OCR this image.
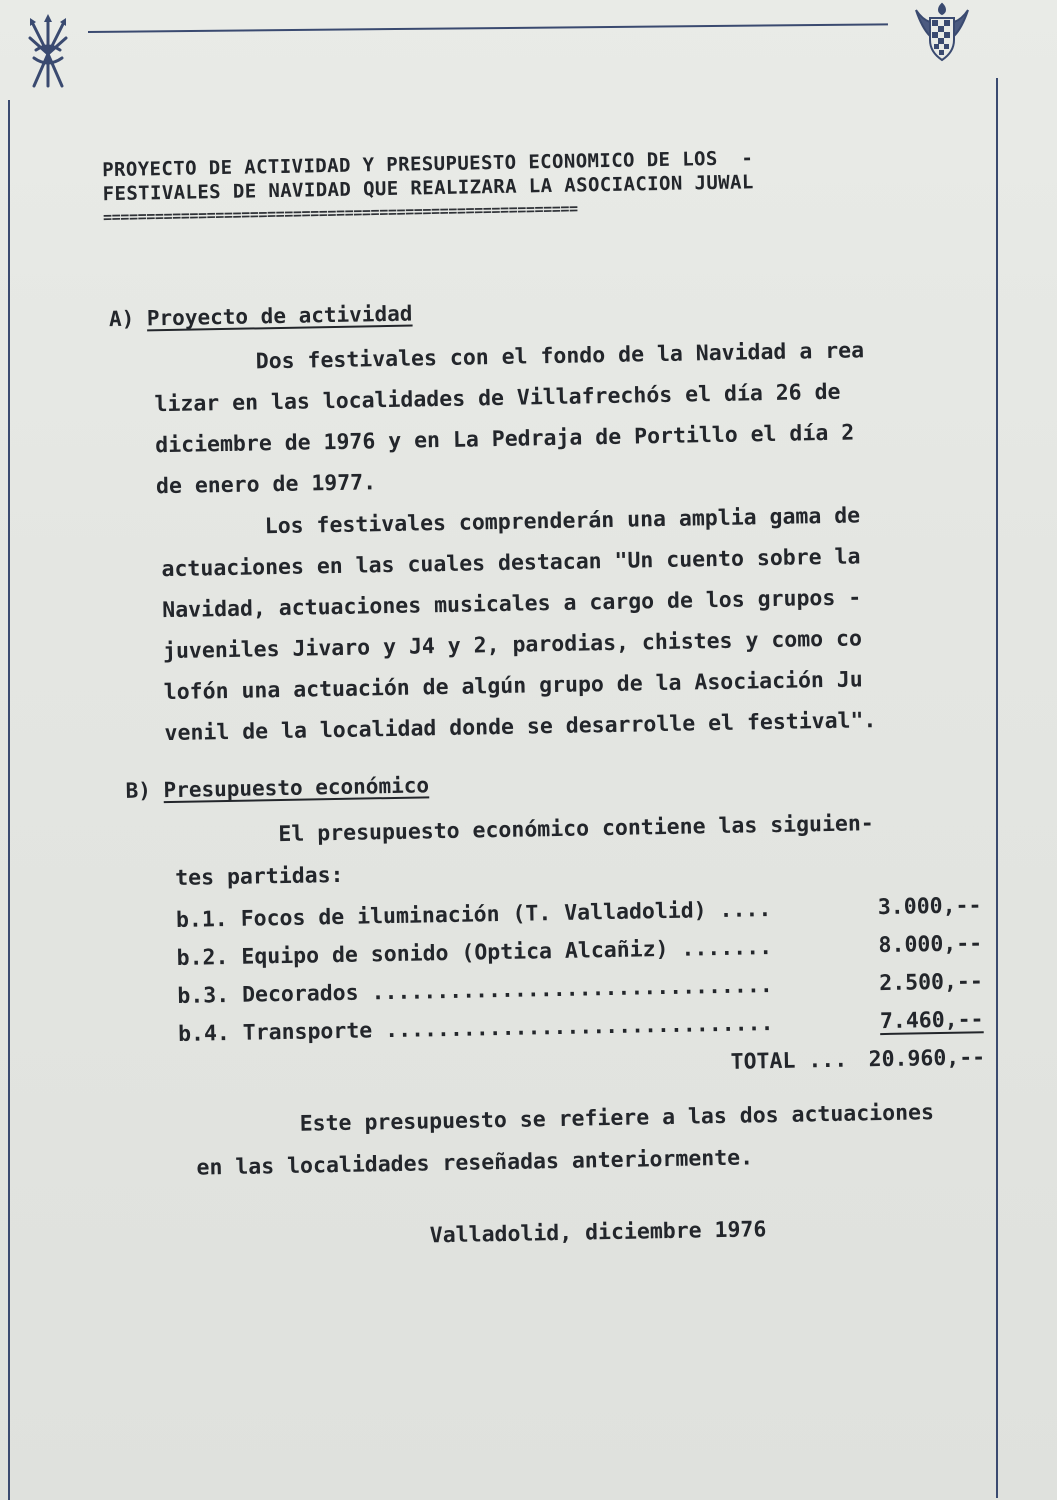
PROYECTO DE ACTIVIDAD Y PRESUPUESTO ECONOMICO DE LOS  -
FESTIVALES DE NAVIDAD QUE REALIZARA LA ASOCIACION JUWAL
=======================================================
A) Proyecto de actividad
Dos festivales con el fondo de la Navidad a rea
lizar en las localidades de Villafrechós el día 26 de
diciembre de 1976 y en La Pedraja de Portillo el día 2
de enero de 1977.
Los festivales comprenderán una amplia gama de
actuaciones en las cuales destacan "Un cuento sobre la
Navidad, actuaciones musicales a cargo de los grupos -
juveniles Jivaro y J4 y 2, parodias, chistes y como co
lofón una actuación de algún grupo de la Asociación Ju
venil de la localidad donde se desarrolle el festival".
B) Presupuesto económico
El presupuesto económico contiene las siguien-
tes partidas:
b.1. Focos de iluminación (T. Valladolid) ....	3.000,--
b.2. Equipo de sonido (Optica Alcañiz) .......	8.000,--
b.3. Decorados ...............................	2.500,--
b.4. Transporte ..............................	7.460,--
TOTAL ... 20.960,--
Este presupuesto se refiere a las dos actuaciones
en las localidades reseñadas anteriormente.
Valladolid, diciembre 1976
